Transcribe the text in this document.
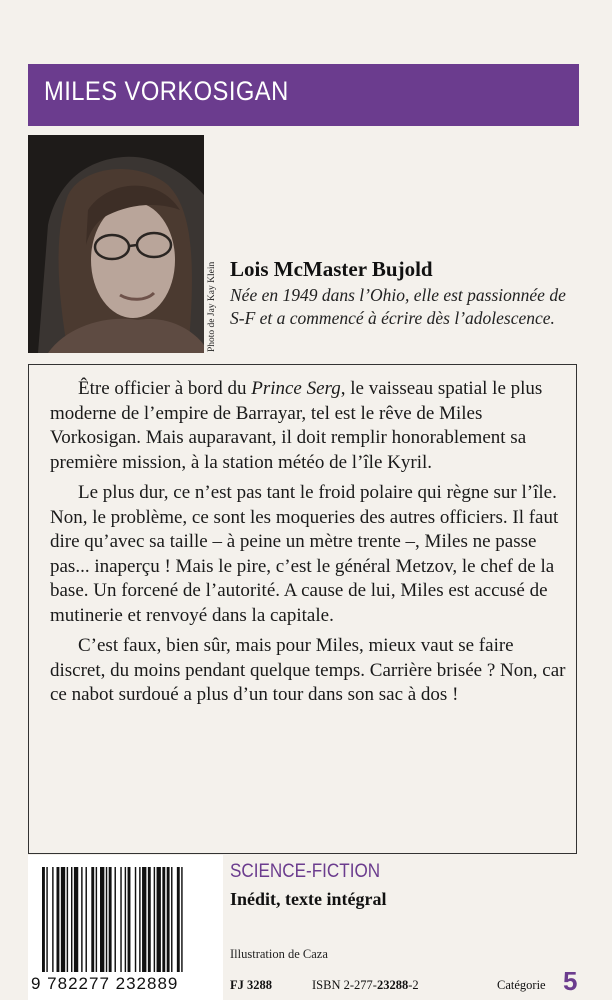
MILES VORKOSIGAN
Photo de Jay Kay Klein Lois McMaster Bujold
Née en 1949 dans l’Ohio, elle est passionnée de S-F et a commencé à écrire dès l’adolescence.

Être officier à bord du Prince Serg, le vaisseau spatial le plus moderne de l’empire de Barrayar, tel est le rêve de Miles Vorkosigan. Mais auparavant, il doit remplir honorablement sa première mission, à la station météo de l’île Kyril.

Le plus dur, ce n’est pas tant le froid polaire qui règne sur l’île. Non, le problème, ce sont les moqueries des autres officiers. Il faut dire qu’avec sa taille – à peine un mètre trente –, Miles ne passe pas... inaperçu ! Mais le pire, c’est le général Metzov, le chef de la base. Un forcené de l’autorité. A cause de lui, Miles est accusé de mutinerie et renvoyé dans la capitale.

C’est faux, bien sûr, mais pour Miles, mieux vaut se faire discret, du moins pendant quelque temps. Carrière brisée ? Non, car ce nabot surdoué a plus d’un tour dans son sac à dos !

9 782277 232889
SCIENCE-FICTION
Inédit, texte intégral
Illustration de Caza
FJ 3288	ISBN 2-277-23288-2	Catégorie 5
